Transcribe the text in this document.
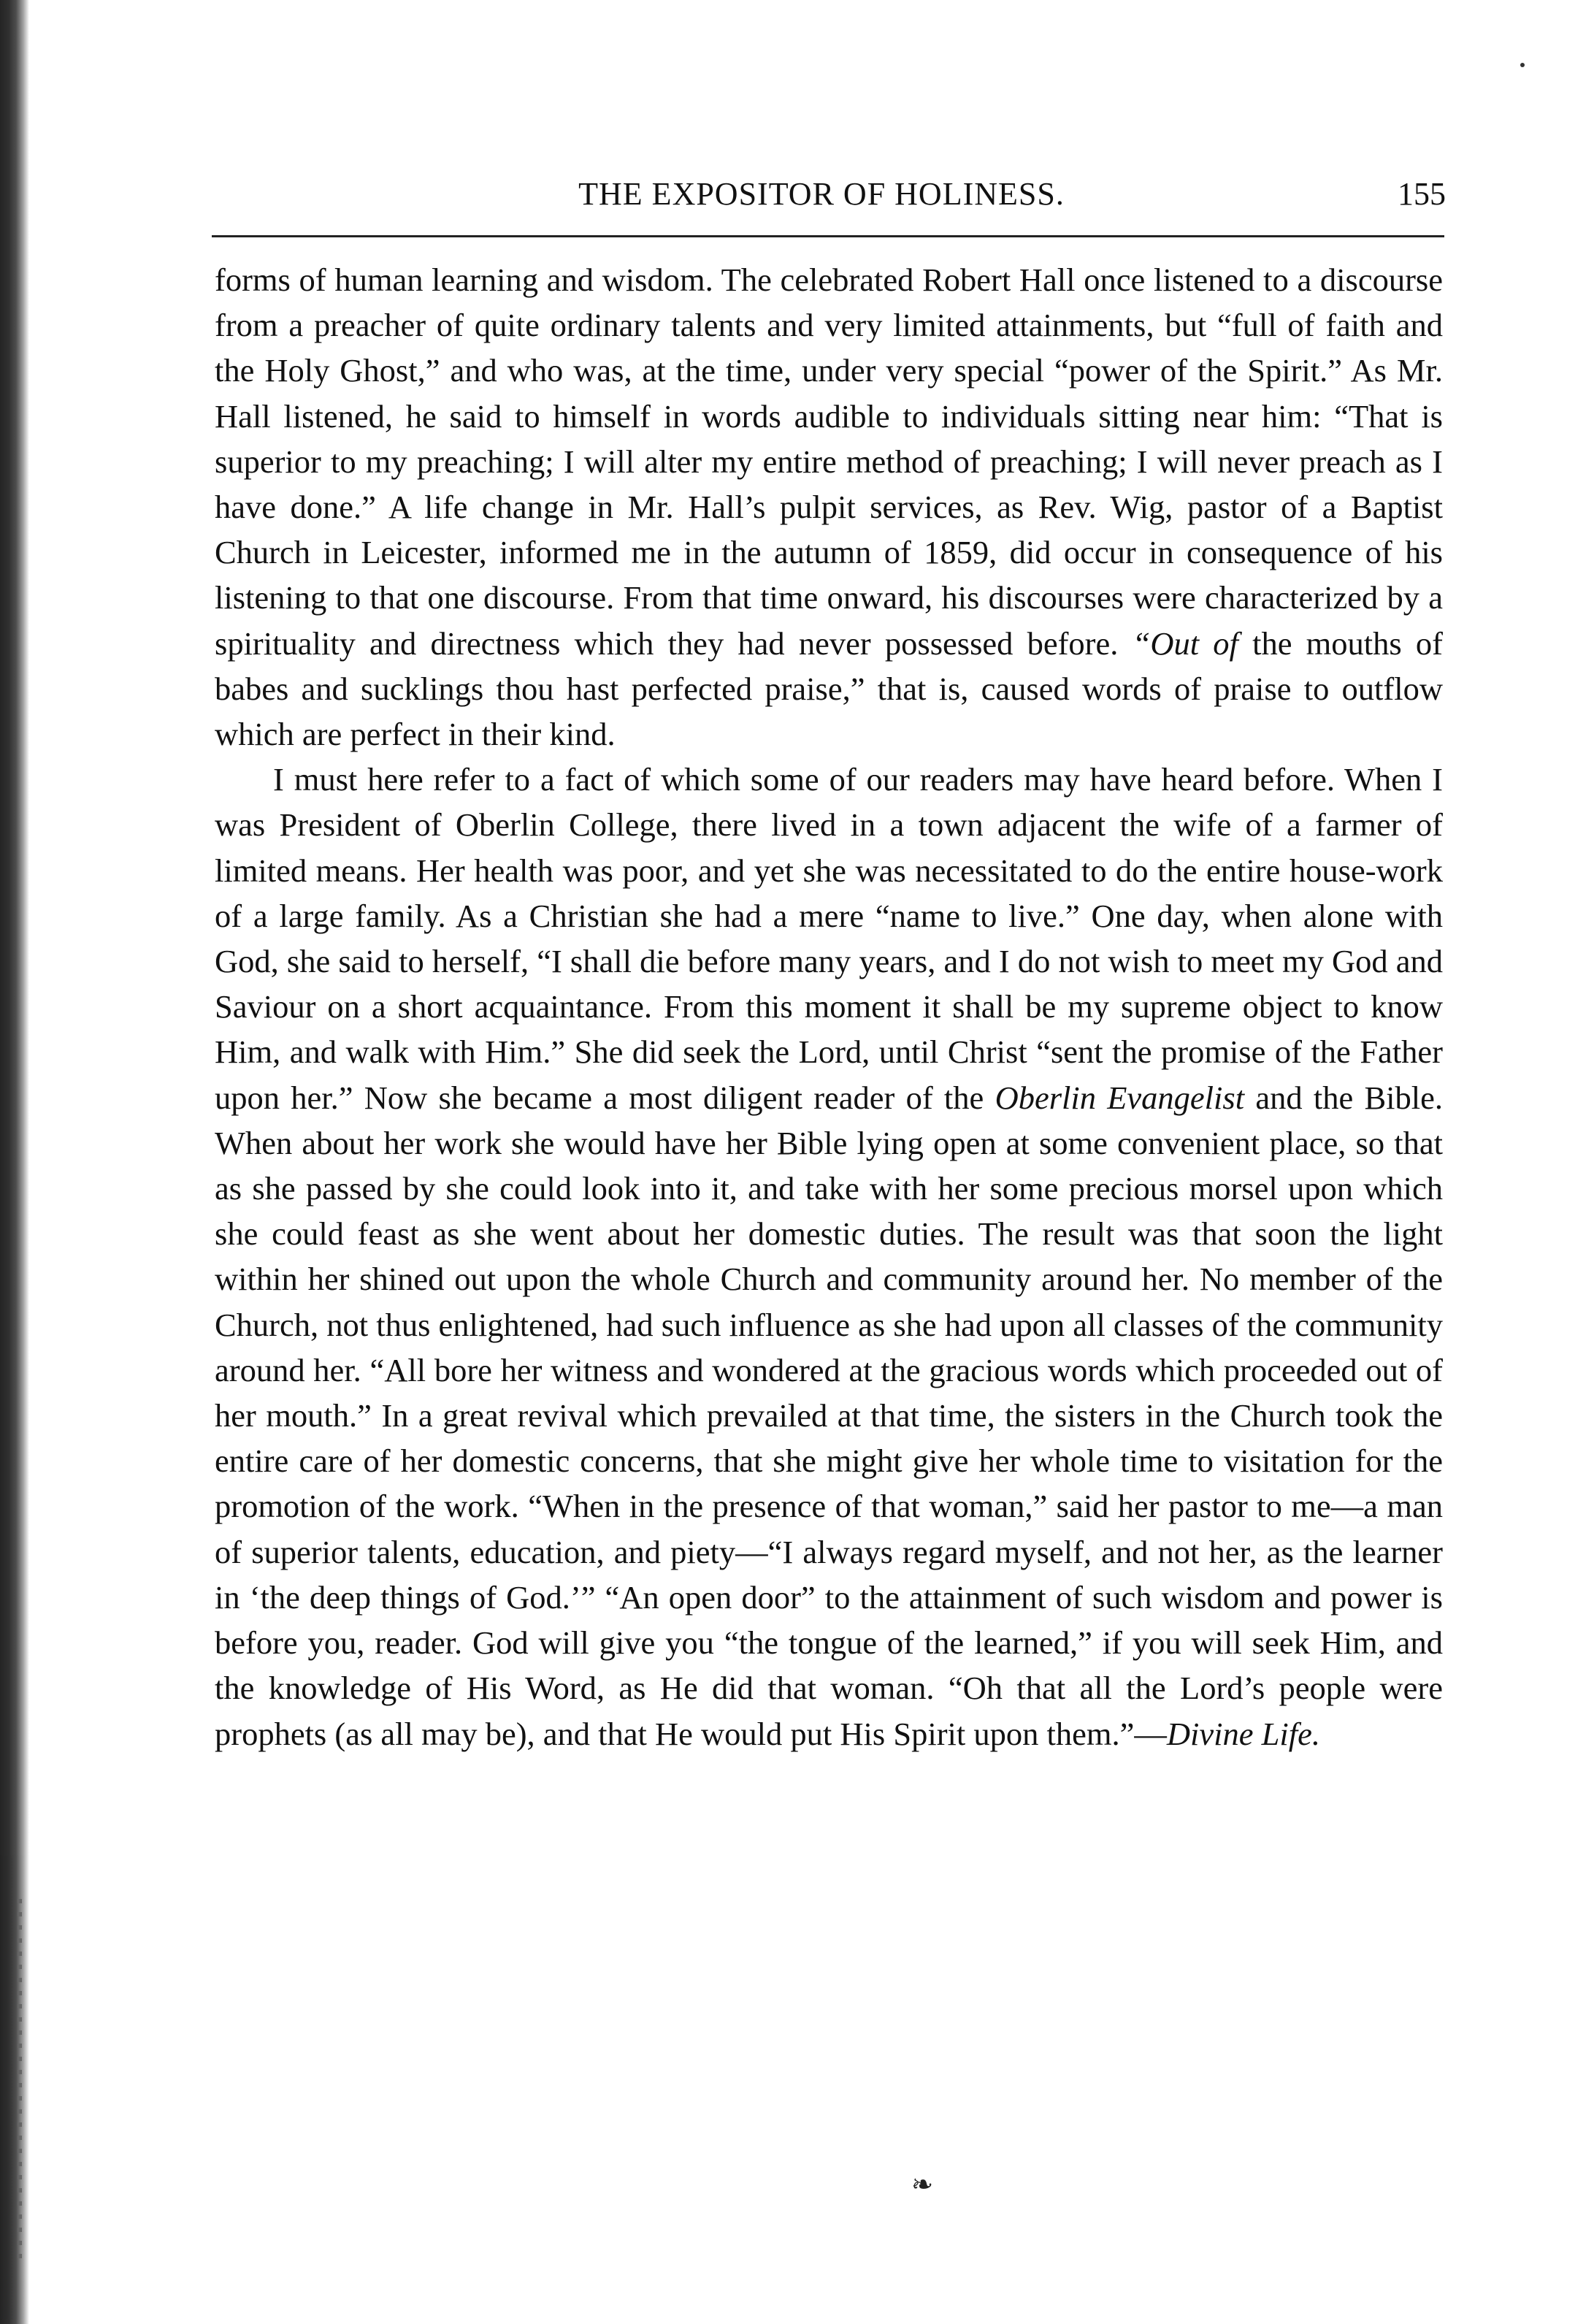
THE EXPOSITOR OF HOLINESS.	155

forms of human learning and wisdom. The celebrated Robert Hall once listened to a discourse from a preacher of quite ordinary talents and very limited attainments, but “full of faith and the Holy Ghost,” and who was, at the time, under very special “power of the Spirit.” As Mr. Hall listened, he said to himself in words audible to individuals sitting near him: “That is superior to my preaching; I will alter my entire method of preaching; I will never preach as I have done.” A life change in Mr. Hall’s pulpit services, as Rev. Wig, pastor of a Baptist Church in Leicester, informed me in the autumn of 1859, did occur in consequence of his listening to that one discourse. From that time onward, his discourses were characterized by a spirituality and directness which they had never possessed before. “Out of the mouths of babes and sucklings thou hast perfected praise,” that is, caused words of praise to outflow which are perfect in their kind.

I must here refer to a fact of which some of our readers may have heard before. When I was President of Oberlin College, there lived in a town adjacent the wife of a farmer of limited means. Her health was poor, and yet she was necessitated to do the entire house-work of a large family. As a Christian she had a mere “name to live.” One day, when alone with God, she said to herself, “I shall die before many years, and I do not wish to meet my God and Saviour on a short acquaintance. From this moment it shall be my supreme object to know Him, and walk with Him.” She did seek the Lord, until Christ “sent the promise of the Father upon her.” Now she became a most diligent reader of the Oberlin Evangelist and the Bible. When about her work she would have her Bible lying open at some convenient place, so that as she passed by she could look into it, and take with her some precious morsel upon which she could feast as she went about her domestic duties. The result was that soon the light within her shined out upon the whole Church and community around her. No member of the Church, not thus enlightened, had such influence as she had upon all classes of the community around her. “All bore her witness and wondered at the gracious words which proceeded out of her mouth.” In a great revival which prevailed at that time, the sisters in the Church took the entire care of her domestic concerns, that she might give her whole time to visitation for the promotion of the work. “When in the presence of that woman,” said her pastor to me—a man of superior talents, education, and piety—“I always regard myself, and not her, as the learner in ‘the deep things of God.’” “An open door” to the attainment of such wisdom and power is before you, reader. God will give you “the tongue of the learned,” if you will seek Him, and the knowledge of His Word, as He did that woman. “Oh that all the Lord’s people were prophets (as all may be), and that He would put His Spirit upon them.”—Divine Life.

❧
